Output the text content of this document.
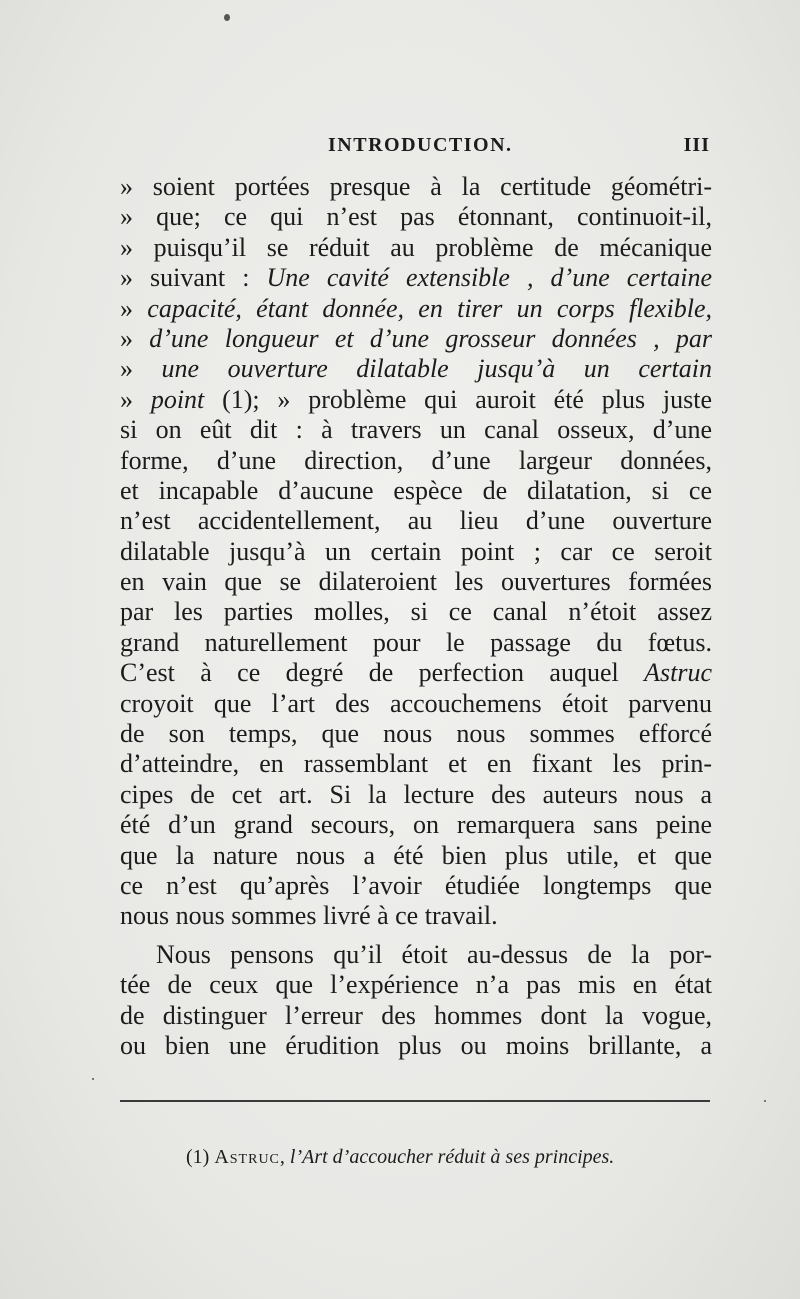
INTRODUCTION.	III
» soient portées presque à la certitude géométri-
» que; ce qui n’est pas étonnant, continuoit-il,
» puisqu’il se réduit au problème de mécanique
» suivant : Une cavité extensible , d’une certaine
» capacité, étant donnée, en tirer un corps flexible,
» d’une longueur et d’une grosseur données , par
» une ouverture dilatable jusqu’à un certain
» point (1); » problème qui auroit été plus juste
si on eût dit : à travers un canal osseux, d’une
forme, d’une direction, d’une largeur données,
et incapable d’aucune espèce de dilatation, si ce
n’est accidentellement, au lieu d’une ouverture
dilatable jusqu’à un certain point ; car ce seroit
en vain que se dilateroient les ouvertures formées
par les parties molles, si ce canal n’étoit assez
grand naturellement pour le passage du fœtus.
C’est à ce degré de perfection auquel Astruc
croyoit que l’art des accouchemens étoit parvenu
de son temps, que nous nous sommes efforcé
d’atteindre, en rassemblant et en fixant les prin-
cipes de cet art. Si la lecture des auteurs nous a
été d’un grand secours, on remarquera sans peine
que la nature nous a été bien plus utile, et que
ce n’est qu’après l’avoir étudiée longtemps que
nous nous sommes livré à ce travail.
Nous pensons qu’il étoit au-dessus de la por-
tée de ceux que l’expérience n’a pas mis en état
de distinguer l’erreur des hommes dont la vogue,
ou bien une érudition plus ou moins brillante, a
(1) Astruc, l’Art d’accoucher réduit à ses principes.
